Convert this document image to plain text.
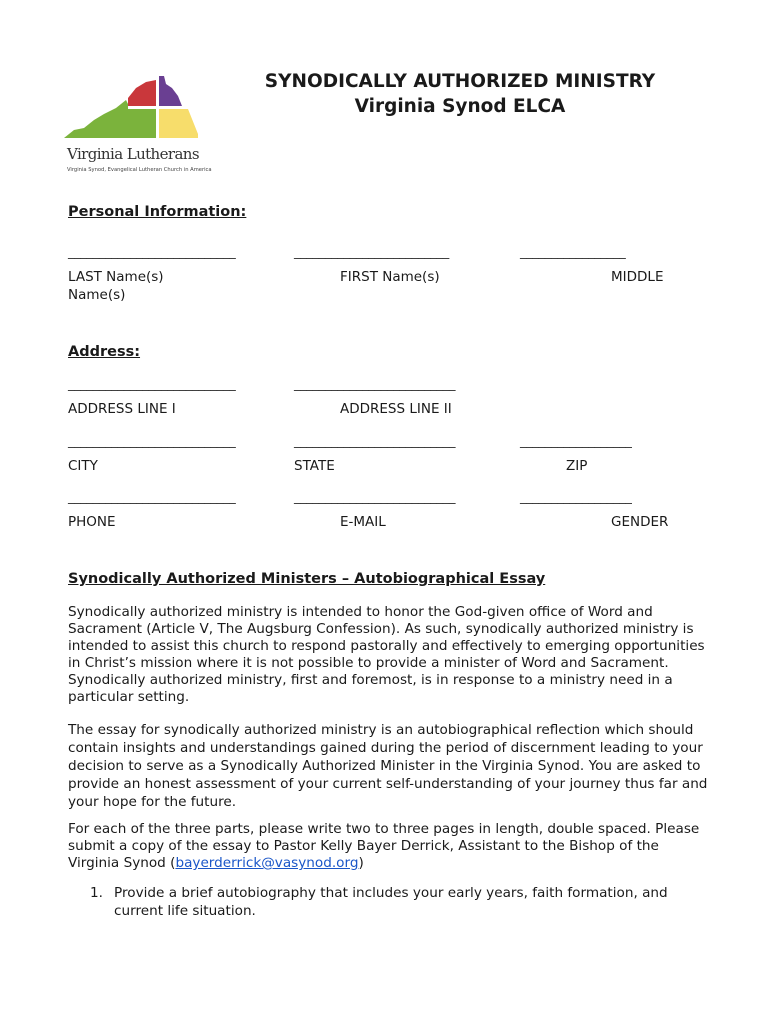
Virginia Lutherans
Virginia Synod, Evangelical Lutheran Church in America
SYNODICALLY AUTHORIZED MINISTRY
Virginia Synod ELCA
Personal Information:
___________________________	_________________________	_________________
LAST Name(s)	FIRST Name(s)	MIDDLE
Name(s)
Address:
___________________________	__________________________
ADDRESS LINE I	ADDRESS LINE II
___________________________	__________________________	__________________
CITY	STATE	ZIP
___________________________	__________________________	__________________
PHONE	E-MAIL	GENDER
Synodically Authorized Ministers – Autobiographical Essay

Synodically authorized ministry is intended to honor the God-given office of Word and Sacrament (Article V, The Augsburg Confession). As such, synodically authorized ministry is intended to assist this church to respond pastorally and effectively to emerging opportunities in Christ’s mission where it is not possible to provide a minister of Word and Sacrament. Synodically authorized ministry, first and foremost, is in response to a ministry need in a particular setting.

The essay for synodically authorized ministry is an autobiographical reflection which should contain insights and understandings gained during the period of discernment leading to your decision to serve as a Synodically Authorized Minister in the Virginia Synod. You are asked to provide an honest assessment of your current self-understanding of your journey thus far and your hope for the future.

For each of the three parts, please write two to three pages in length, double spaced. Please submit a copy of the essay to Pastor Kelly Bayer Derrick, Assistant to the Bishop of the Virginia Synod (bayerderrick@vasynod.org)

1. Provide a brief autobiography that includes your early years, faith formation, and current life situation.
